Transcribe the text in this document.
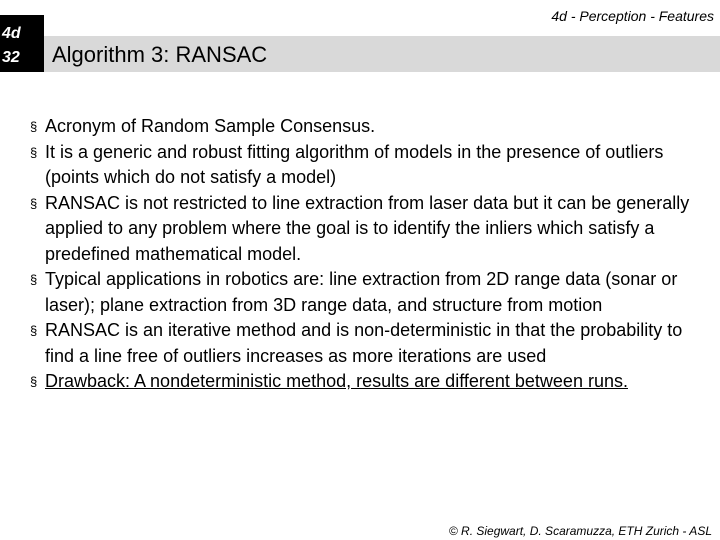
4d - Perception - Features
4d
32	Algorithm 3: RANSAC
§ Acronym of Random Sample Consensus.
§ It is a generic and robust fitting algorithm of models in the presence of outliers (points which do not satisfy a model)
§ RANSAC is not restricted to line extraction from laser data but it can be generally applied to any problem where the goal is to identify the inliers which satisfy a predefined mathematical model.
§ Typical applications in robotics are: line extraction from 2D range data (sonar or laser); plane extraction from 3D range data, and structure from motion
§ RANSAC is an iterative method and is non-deterministic in that the probability to find a line free of outliers increases as more iterations are used
§ Drawback: A nondeterministic method, results are different between runs.
© R. Siegwart, D. Scaramuzza, ETH Zurich - ASL
